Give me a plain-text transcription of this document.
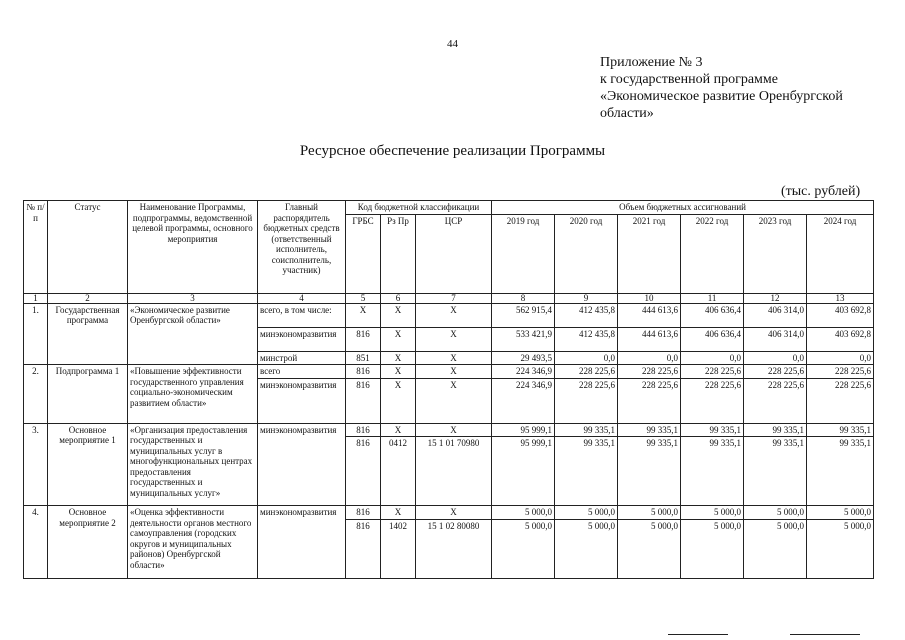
44
Приложение № 3
к государственной программе
«Экономическое развитие Оренбургской
области»
Ресурсное обеспечение реализации Программы
(тыс. рублей)
№ п/п	Статус	Наименование Программы, подпрограммы, ведомственной целевой программы, основного мероприятия	Главный распорядитель бюджетных средств (ответственный исполнитель, соисполнитель, участник)	Код бюджетной классификации			Объем бюджетных ассигнований					
				ГРБС	Рз Пр	ЦСР	2019 год	2020 год	2021 год	2022 год	2023 год	2024 год
1	2	3	4	5	6	7	8	9	10	11	12	13
1.	Государственная программа	«Экономическое развитие Оренбургской области»	всего, в том числе:	Х	Х	Х	562 915,4	412 435,8	444 613,6	406 636,4	406 314,0	403 692,8
			минэкономразвития	816	Х	Х	533 421,9	412 435,8	444 613,6	406 636,4	406 314,0	403 692,8
			минстрой	851	Х	Х	29 493,5	0,0	0,0	0,0	0,0	0,0
2.	Подпрограмма 1	«Повышение эффективности государственного управления социально-экономическим развитием области»	всего	816	Х	Х	224 346,9	228 225,6	228 225,6	228 225,6	228 225,6	228 225,6
			минэкономразвития	816	Х	Х	224 346,9	228 225,6	228 225,6	228 225,6	228 225,6	228 225,6
3.	Основное мероприятие 1	«Организация предоставления государственных и муниципальных услуг в многофункциональных центрах предоставления государственных и муниципальных услуг»	минэкономразвития	816	Х	Х	95 999,1	99 335,1	99 335,1	99 335,1	99 335,1	99 335,1
				816	0412	15 1 01 70980	95 999,1	99 335,1	99 335,1	99 335,1	99 335,1	99 335,1
4.	Основное мероприятие 2	«Оценка эффективности деятельности органов местного самоуправления (городских округов и муниципальных районов) Оренбургской области»	минэкономразвития	816	Х	Х	5 000,0	5 000,0	5 000,0	5 000,0	5 000,0	5 000,0
				816	1402	15 1 02 80080	5 000,0	5 000,0	5 000,0	5 000,0	5 000,0	5 000,0
